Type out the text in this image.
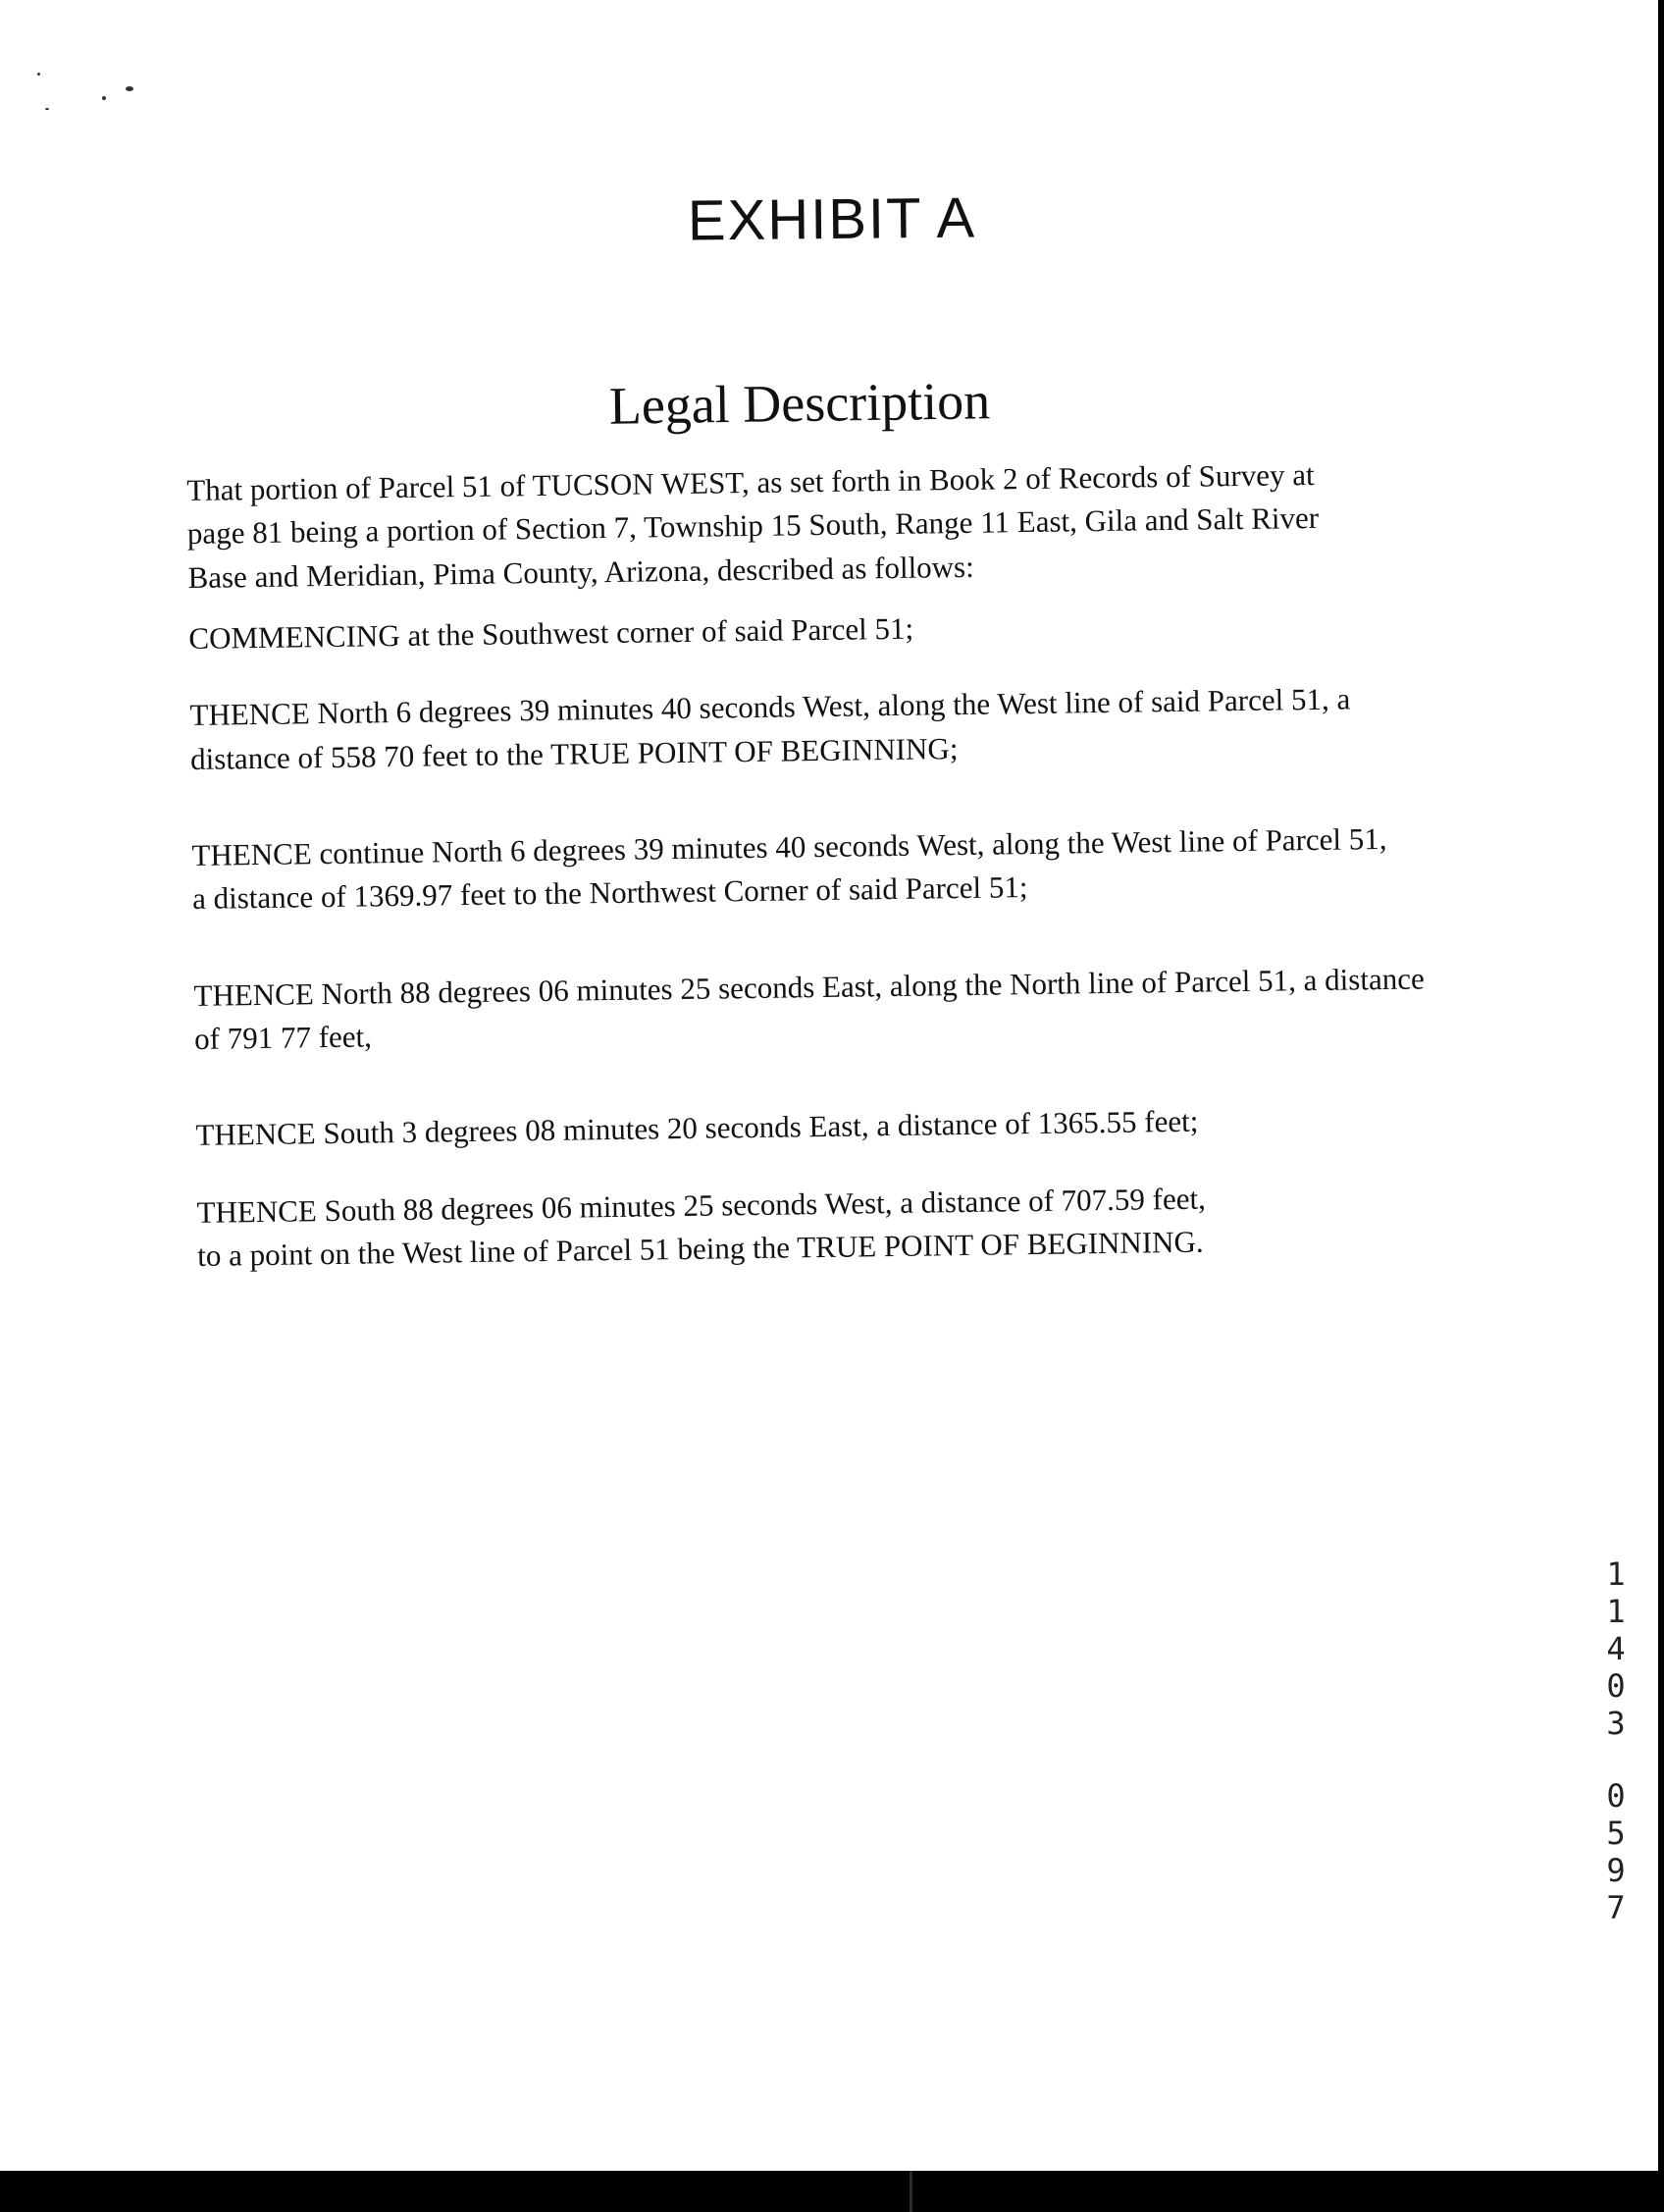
EXHIBIT A
Legal Description

That portion of Parcel 51 of TUCSON WEST, as set forth in Book 2 of Records of Survey at
page 81 being a portion of Section 7, Township 15 South, Range 11 East, Gila and Salt River
Base and Meridian, Pima County, Arizona, described as follows:

COMMENCING at the Southwest corner of said Parcel 51;

THENCE North 6 degrees 39 minutes 40 seconds West, along the West line of said Parcel 51, a
distance of 558 70 feet to the TRUE POINT OF BEGINNING;

THENCE continue North 6 degrees 39 minutes 40 seconds West, along the West line of Parcel 51,
a distance of 1369.97 feet to the Northwest Corner of said Parcel 51;

THENCE North 88 degrees 06 minutes 25 seconds East, along the North line of Parcel 51, a distance
of 791 77 feet,

THENCE South 3 degrees 08 minutes 20 seconds East, a distance of 1365.55 feet;

THENCE South 88 degrees 06 minutes 25 seconds West, a distance of 707.59 feet,
to a point on the West line of Parcel 51 being the TRUE POINT OF BEGINNING.

1
1
4
0
3
0
5
9
7
